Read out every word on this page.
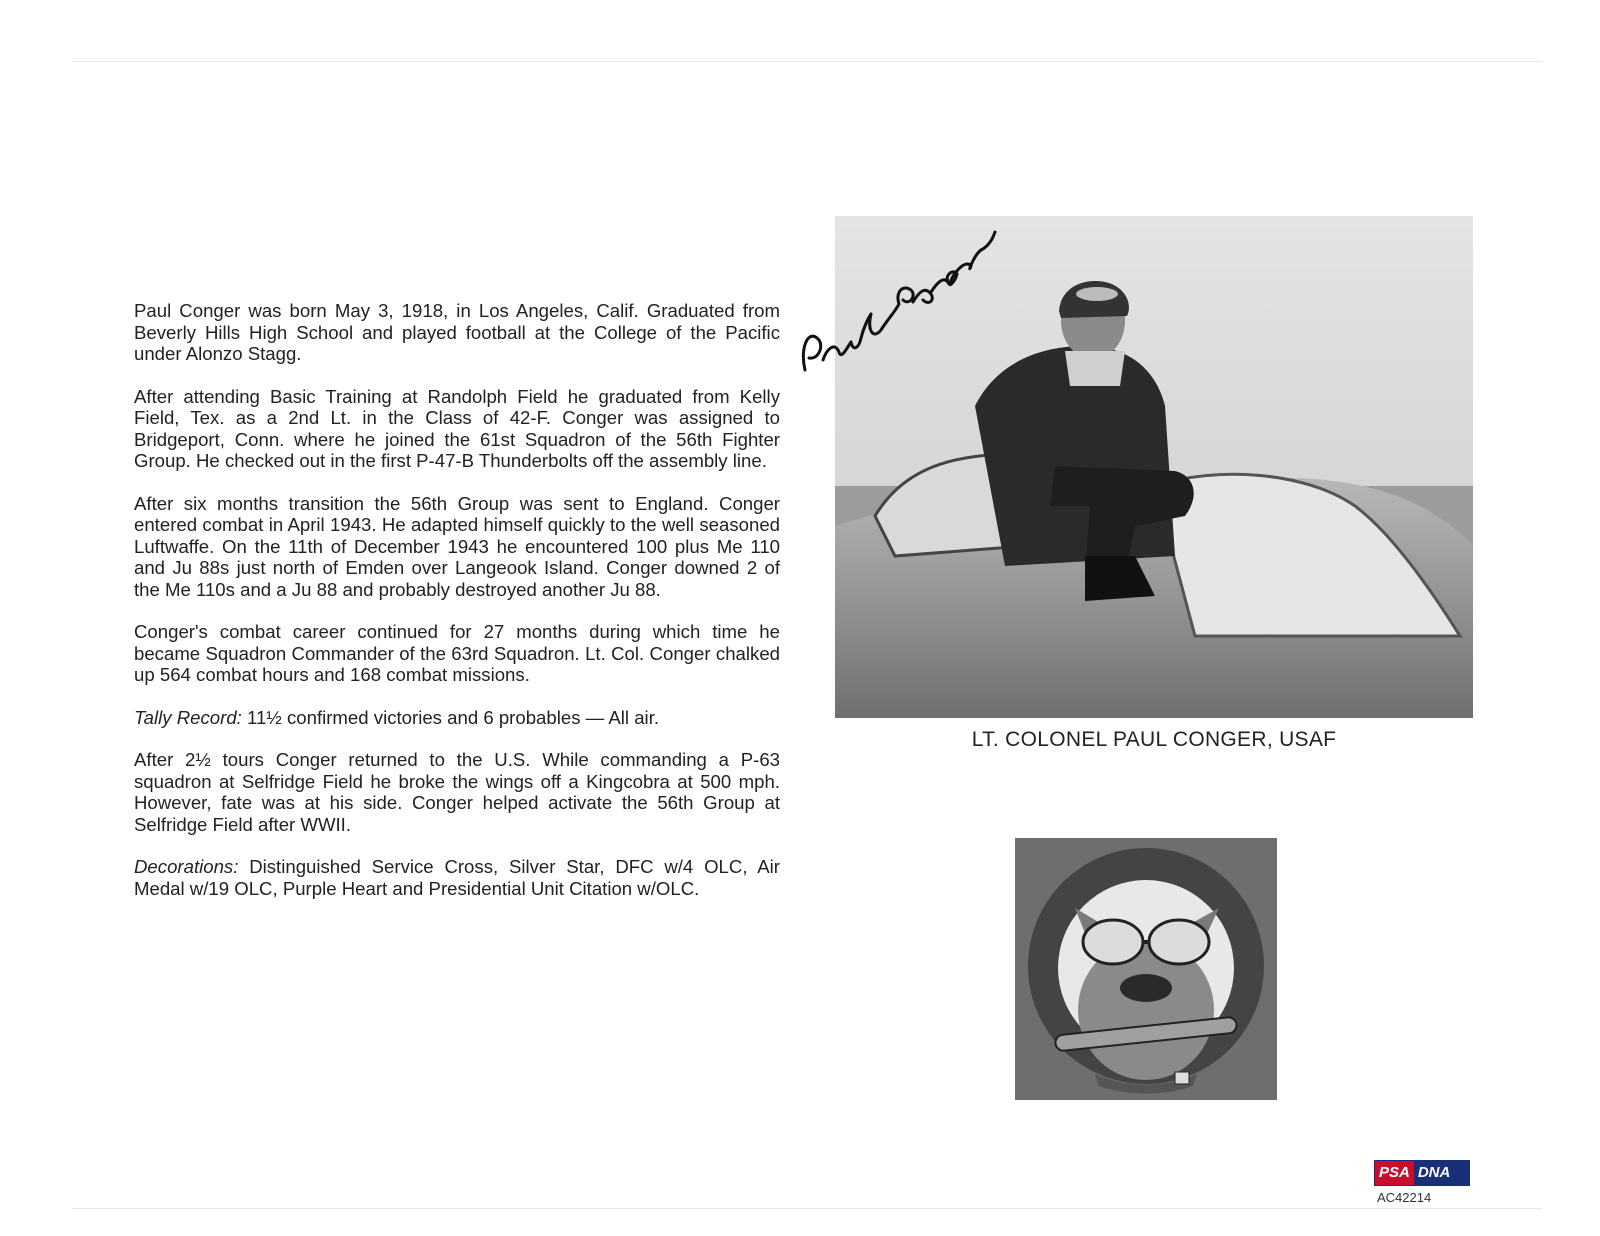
Paul Conger was born May 3, 1918, in Los Angeles, Calif. Graduated from Beverly Hills High School and played football at the College of the Pacific under Alonzo Stagg.

After attending Basic Training at Randolph Field he graduated from Kelly Field, Tex. as a 2nd Lt. in the Class of 42-F. Conger was assigned to Bridgeport, Conn. where he joined the 61st Squadron of the 56th Fighter Group. He checked out in the first P-47-B Thunderbolts off the assembly line.

After six months transition the 56th Group was sent to England. Conger entered combat in April 1943. He adapted himself quickly to the well seasoned Luftwaffe. On the 11th of December 1943 he encountered 100 plus Me 110 and Ju 88s just north of Emden over Langeook Island. Conger downed 2 of the Me 110s and a Ju 88 and probably destroyed another Ju 88.

Conger's combat career continued for 27 months during which time he became Squadron Commander of the 63rd Squadron. Lt. Col. Conger chalked up 564 combat hours and 168 combat missions.

Tally Record: 11½ confirmed victories and 6 probables — All air.

After 2½ tours Conger returned to the U.S. While commanding a P-63 squadron at Selfridge Field he broke the wings off a Kingcobra at 500 mph. However, fate was at his side. Conger helped activate the 56th Group at Selfridge Field after WWII.

Decorations: Distinguished Service Cross, Silver Star, DFC w/4 OLC, Air Medal w/19 OLC, Purple Heart and Presidential Unit Citation w/OLC.

LT. COLONEL PAUL CONGER, USAF
PSA DNA
AC42214
